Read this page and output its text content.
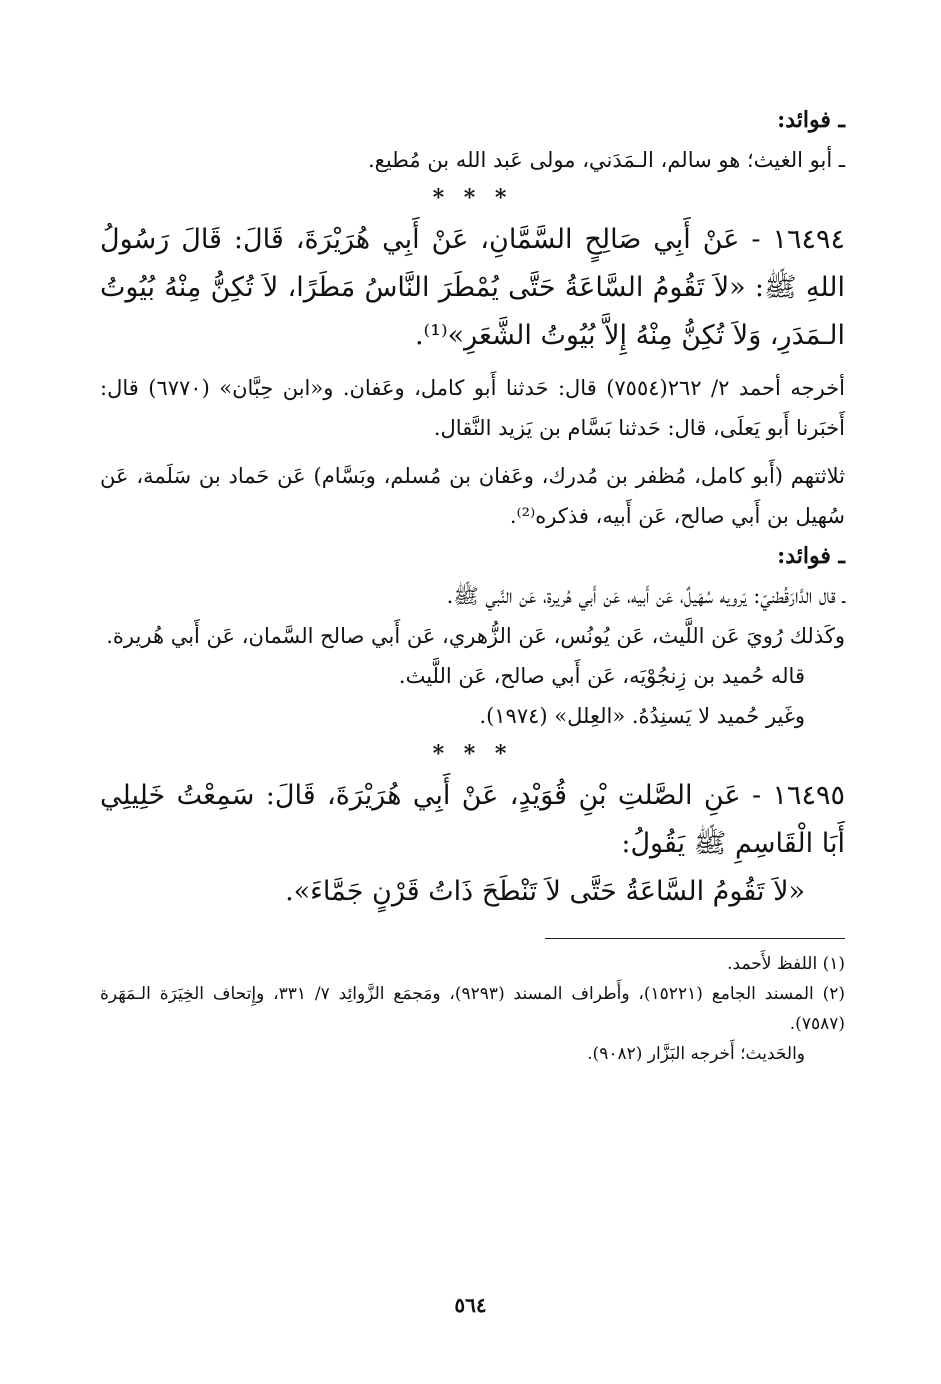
ـ فوائد:

ـ أبو الغيث؛ هو سالم، الـمَدَني، مولى عَبد الله بن مُطيع.

* * *

١٦٤٩٤ - عَنْ أَبِي صَالِحٍ السَّمَّانِ، عَنْ أَبِي هُرَيْرَةَ، قَالَ: قَالَ رَسُولُ اللهِ ﷺ: «لاَ تَقُومُ السَّاعَةُ حَتَّى يُمْطَرَ النَّاسُ مَطَرًا، لاَ تُكِنُّ مِنْهُ بُيُوتُ الـمَدَرِ، وَلاَ تُكِنُّ مِنْهُ إِلاَّ بُيُوتُ الشَّعَرِ»⁽¹⁾.

أخرجه أحمد ٢/ ٢٦٢(٧٥٥٤) قال: حَدثنا أَبو كامل، وعَفان. و«ابن حِبَّان» (٦٧٧٠) قال: أَخبَرنا أَبو يَعلَى، قال: حَدثنا بَسَّام بن يَزيد النَّقال.

ثلاثتهم (أَبو كامل، مُظفر بن مُدرك، وعَفان بن مُسلم، وبَسَّام) عَن حَماد بن سَلَمة، عَن سُهيل بن أَبي صالح، عَن أَبيه، فذكره⁽²⁾.

ـ فوائد:

ـ قال الدَّارَقُطنيّ: يَرويه سُهَيلٌ، عَن أَبيه، عَن أَبي هُريرة، عَن النَّبي ﷺ.

وكَذلك رُويَ عَن اللَّيث، عَن يُونُس، عَن الزُّهري، عَن أَبي صالح السَّمان، عَن أَبي هُريرة.

قاله حُميد بن زِنجُوْيَه، عَن أَبي صالح، عَن اللَّيث.

وغَير حُميد لا يَسنِدُهُ. «العِلل» (١٩٧٤).

* * *

١٦٤٩٥ - عَنِ الصَّلتِ بْنِ قُوَيْدٍ، عَنْ أَبِي هُرَيْرَةَ، قَالَ: سَمِعْتُ خَلِيلِي أَبَا الْقَاسِمِ ﷺ يَقُولُ:

«لاَ تَقُومُ السَّاعَةُ حَتَّى لاَ تَنْطَحَ ذَاتُ قَرْنٍ جَمَّاءَ».

(١) اللفظ لأَحمد.

(٢) المسند الجامع (١٥٢٢١)، وأَطراف المسند (٩٢٩٣)، ومَجمَع الزَّوائِد ٧/ ٣٣١، وإِتحاف الخِيَرَة الـمَهَرة (٧٥٨٧).

والحَديث؛ أَخرجه البَزَّار (٩٠٨٢).

٥٦٤
